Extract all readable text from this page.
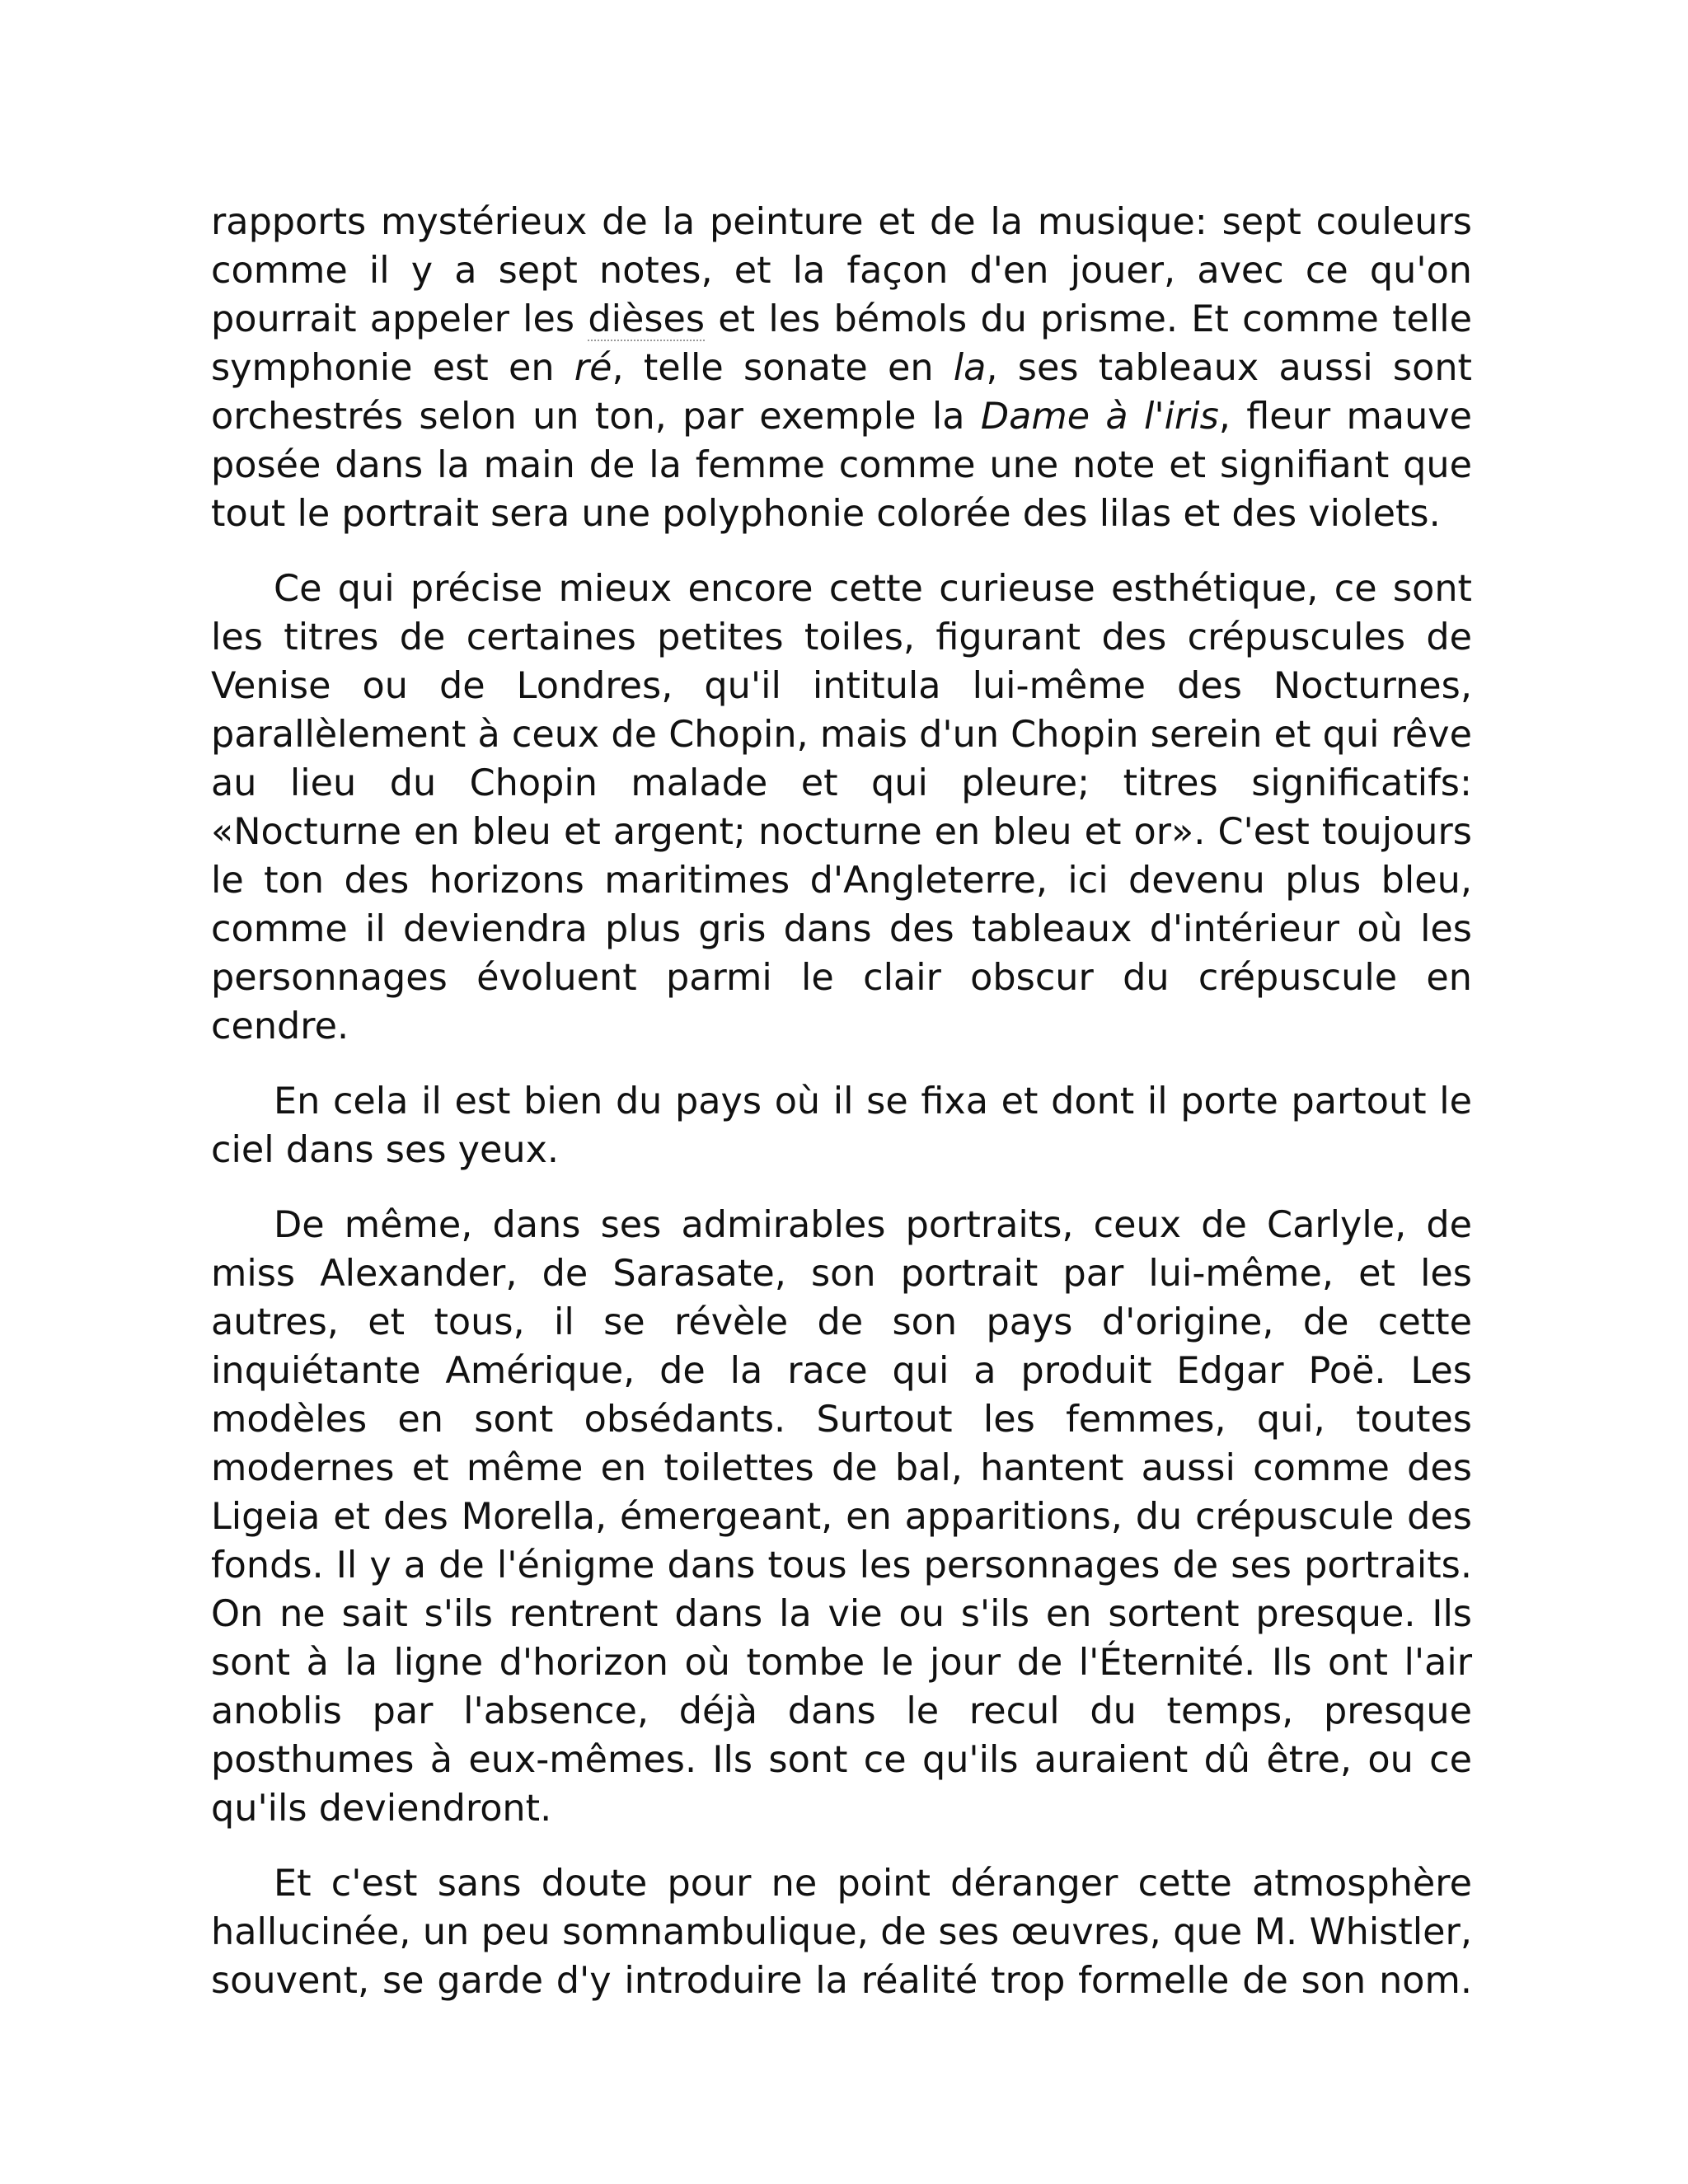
rapports mystérieux de la peinture et de la musique: sept couleurs comme il y a sept notes, et la façon d'en jouer, avec ce qu'on pourrait appeler les dièses et les bémols du prisme. Et comme telle symphonie est en ré, telle sonate en la, ses tableaux aussi sont orchestrés selon un ton, par exemple la Dame à l'iris, fleur mauve posée dans la main de la femme comme une note et signifiant que tout le portrait sera une polyphonie colorée des lilas et des violets.

Ce qui précise mieux encore cette curieuse esthétique, ce sont les titres de certaines petites toiles, figurant des crépuscules de Venise ou de Londres, qu'il intitula lui-même des Nocturnes, parallèlement à ceux de Chopin, mais d'un Chopin serein et qui rêve au lieu du Chopin malade et qui pleure; titres significatifs: «Nocturne en bleu et argent; nocturne en bleu et or». C'est toujours le ton des horizons maritimes d'Angleterre, ici devenu plus bleu, comme il deviendra plus gris dans des tableaux d'intérieur où les personnages évoluent parmi le clair obscur du crépuscule en cendre.

En cela il est bien du pays où il se fixa et dont il porte partout le ciel dans ses yeux.

De même, dans ses admirables portraits, ceux de Carlyle, de miss Alexander, de Sarasate, son portrait par lui-même, et les autres, et tous, il se révèle de son pays d'origine, de cette inquiétante Amérique, de la race qui a produit Edgar Poë. Les modèles en sont obsédants. Surtout les femmes, qui, toutes modernes et même en toilettes de bal, hantent aussi comme des Ligeia et des Morella, émergeant, en apparitions, du crépuscule des fonds. Il y a de l'énigme dans tous les personnages de ses portraits. On ne sait s'ils rentrent dans la vie ou s'ils en sortent presque. Ils sont à la ligne d'horizon où tombe le jour de l'Éternité. Ils ont l'air anoblis par l'absence, déjà dans le recul du temps, presque posthumes à eux-mêmes. Ils sont ce qu'ils auraient dû être, ou ce qu'ils deviendront.

Et c'est sans doute pour ne point déranger cette atmosphère hallucinée, un peu somnambulique, de ses œuvres, que M. Whistler, souvent, se garde d'y introduire la réalité trop formelle de son nom.
